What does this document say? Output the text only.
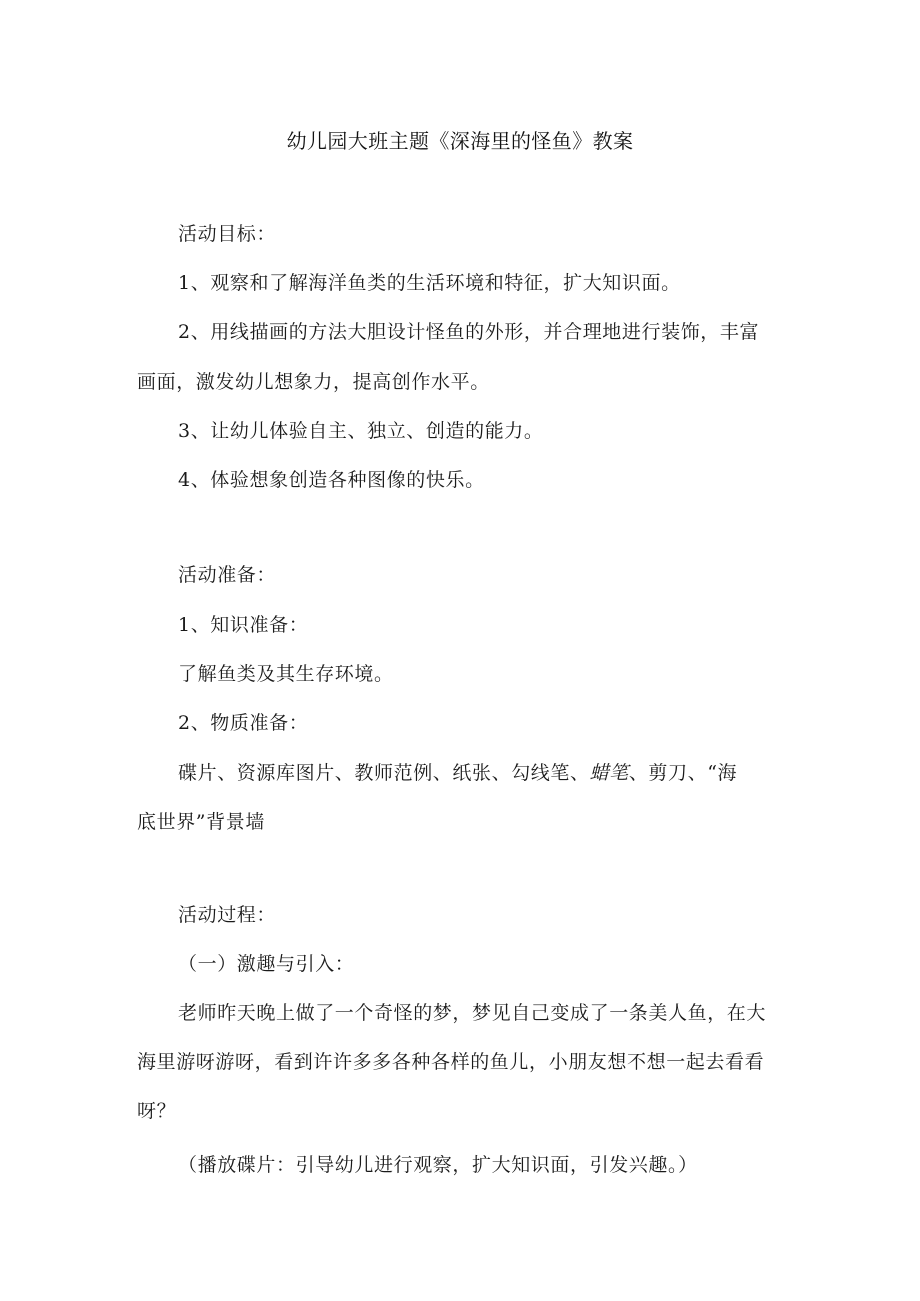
幼儿园大班主题《深海里的怪鱼》教案
活动目标：
1、观察和了解海洋鱼类的生活环境和特征，扩大知识面。
2、用线描画的方法大胆设计怪鱼的外形，并合理地进行装饰，丰富
画面，激发幼儿想象力，提高创作水平。
3、让幼儿体验自主、独立、创造的能力。
4、体验想象创造各种图像的快乐。
活动准备：
1、知识准备：
了解鱼类及其生存环境。
2、物质准备：
碟片、资源库图片、教师范例、纸张、勾线笔、蜡笔、剪刀、“海
底世界”背景墙
活动过程：
（一）激趣与引入：
老师昨天晚上做了一个奇怪的梦，梦见自己变成了一条美人鱼，在大
海里游呀游呀，看到许许多多各种各样的鱼儿，小朋友想不想一起去看看
呀？
（播放碟片：引导幼儿进行观察，扩大知识面，引发兴趣。）
